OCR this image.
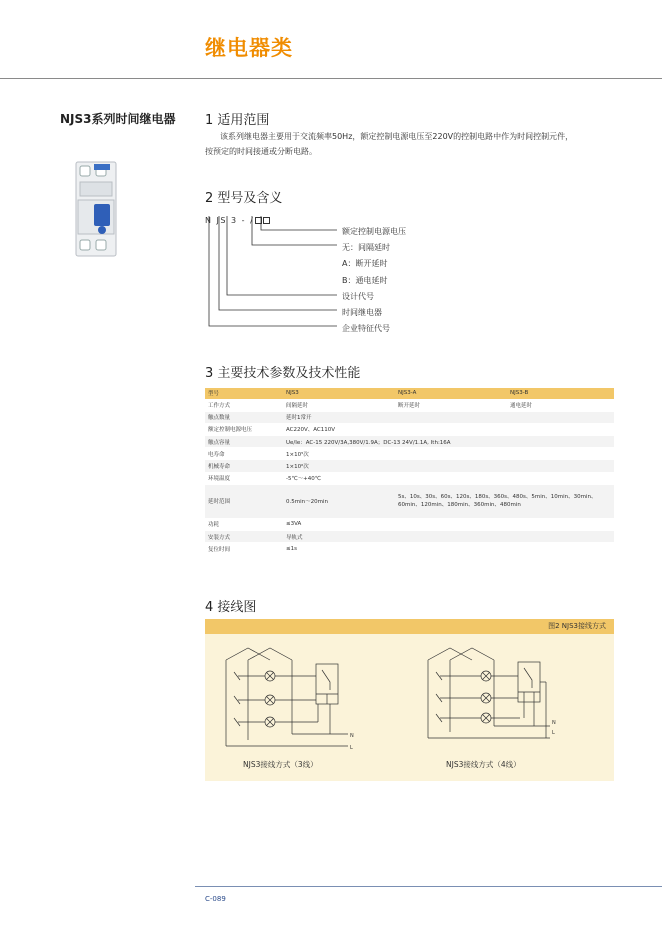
继电器类
NJS3系列时间继电器 1 适用范围
该系列继电器主要用于交流频率50Hz，额定控制电源电压至220V的控制电路中作为时间控制元件，
按预定的时间接通或分断电路。
2 型号及含义
N JS 3 - /
额定控制电源电压
无：间隔延时
A：断开延时
B：通电延时
设计代号
时间继电器
企业特征代号
3 主要技术参数及技术性能
型号	NJS3	NJS3-A	NJS3-B
工作方式	间隔延时	断开延时	通电延时
触点数量	延时1常开		
额定控制电源电压	AC220V、AC110V		
触点容量	Ue/Ie：AC-15 220V/3A,380V/1.9A；DC-13 24V/1.1A, Ith:16A		
电寿命	1×10⁵次		
机械寿命	1×10⁶次		
环境温度	-5℃～+40℃		
延时范围	0.5min～20min	5s、10s、30s、60s、120s、180s、360s、480s、5min、10min、30min、60min、120min、180min、360min、480min	
功耗	≤3VA		
安装方式	导轨式		
复位时间	≤1s		
4 接线图
图2 NJS3接线方式
N
L
NJS3接线方式（3线）
N
L
NJS3接线方式（4线）
C-089
